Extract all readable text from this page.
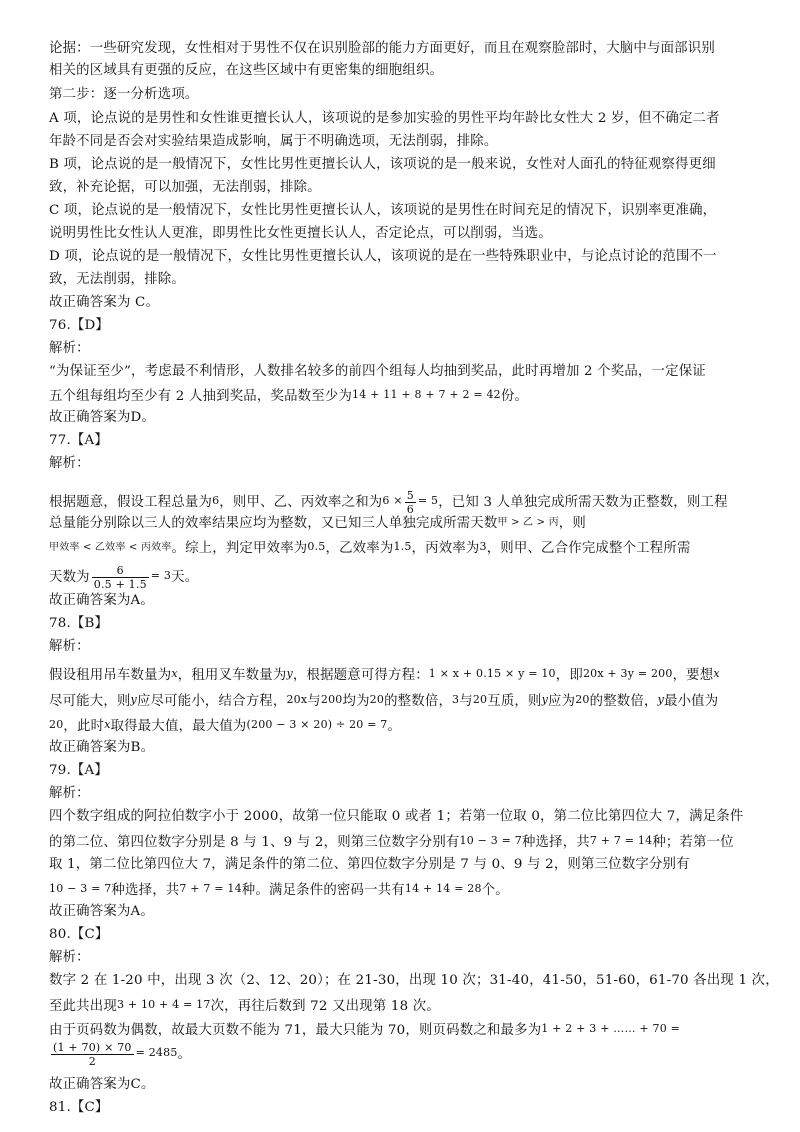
论据：一些研究发现，女性相对于男性不仅在识别脸部的能力方面更好，而且在观察脸部时，大脑中与面部识别
相关的区域具有更强的反应，在这些区域中有更密集的细胞组织。
第二步：逐一分析选项。
A 项，论点说的是男性和女性谁更擅长认人，该项说的是参加实验的男性平均年龄比女性大 2 岁，但不确定二者
年龄不同是否会对实验结果造成影响，属于不明确选项，无法削弱，排除。
B 项，论点说的是一般情况下，女性比男性更擅长认人，该项说的是一般来说，女性对人面孔的特征观察得更细
致，补充论据，可以加强，无法削弱，排除。
C 项，论点说的是一般情况下，女性比男性更擅长认人，该项说的是男性在时间充足的情况下，识别率更准确，
说明男性比女性认人更准，即男性比女性更擅长认人，否定论点，可以削弱，当选。
D 项，论点说的是一般情况下，女性比男性更擅长认人，该项说的是在一些特殊职业中，与论点讨论的范围不一
致，无法削弱，排除。
故正确答案为 C。
76.【D】
解析：
“为保证至少”，考虑最不利情形，人数排名较多的前四个组每人均抽到奖品，此时再增加 2 个奖品，一定保证
五个组每组均至少有 2 人抽到奖品，奖品数至少为14 + 11 + 8 + 7 + 2 = 42份。
故正确答案为D。
77.【A】
解析：
根据题意，假设工程总量为6，则甲、乙、丙效率之和为$6 \times \frac{5}{6} = 5$，已知 3 人单独完成所需天数为正整数，则工程
总量能分别除以三人的效率结果应均为整数，又已知三人单独完成所需天数甲 > 乙 > 丙，则
甲效率 < 乙效率 < 丙效率。综上，判定甲效率为0.5，乙效率为1.5，丙效率为3，则甲、乙合作完成整个工程所需
天数为 $\frac{6}{0.5 + 1.5} = 3$天。
故正确答案为A。
78.【B】
解析：
假设租用吊车数量为x，租用叉车数量为y，根据题意可得方程：1 × x + 0.15 × y = 10，即20x + 3y = 200，要想x
尽可能大，则y应尽可能小，结合方程，20x与200均为20的整数倍，3与20互质，则y应为20的整数倍，y最小值为
20，此时x取得最大值，最大值为(200 − 3 × 20) ÷ 20 = 7。
故正确答案为B。
79.【A】
解析：
四个数字组成的阿拉伯数字小于 2000，故第一位只能取 0 或者 1；若第一位取 0，第二位比第四位大 7，满足条件
的第二位、第四位数字分别是 8 与 1、9 与 2，则第三位数字分别有10 − 3 = 7种选择，共7 + 7 = 14种；若第一位
取 1，第二位比第四位大 7，满足条件的第二位、第四位数字分别是 7 与 0、9 与 2，则第三位数字分别有
10 − 3 = 7种选择，共7 + 7 = 14种。满足条件的密码一共有14 + 14 = 28个。
故正确答案为A。
80.【C】
解析：
数字 2 在 1-20 中，出现 3 次（2、12、20）；在 21-30，出现 10 次；31-40，41-50，51-60，61-70 各出现 1 次，
至此共出现3 + 10 + 4 = 17次，再往后数到 72 又出现第 18 次。
由于页码数为偶数，故最大页数不能为 71，最大只能为 70，则页码数之和最多为1 + 2 + 3 + …… + 70 =
$\frac{(1 + 70) \times 70}{2} = 2485$。
故正确答案为C。
81.【C】
